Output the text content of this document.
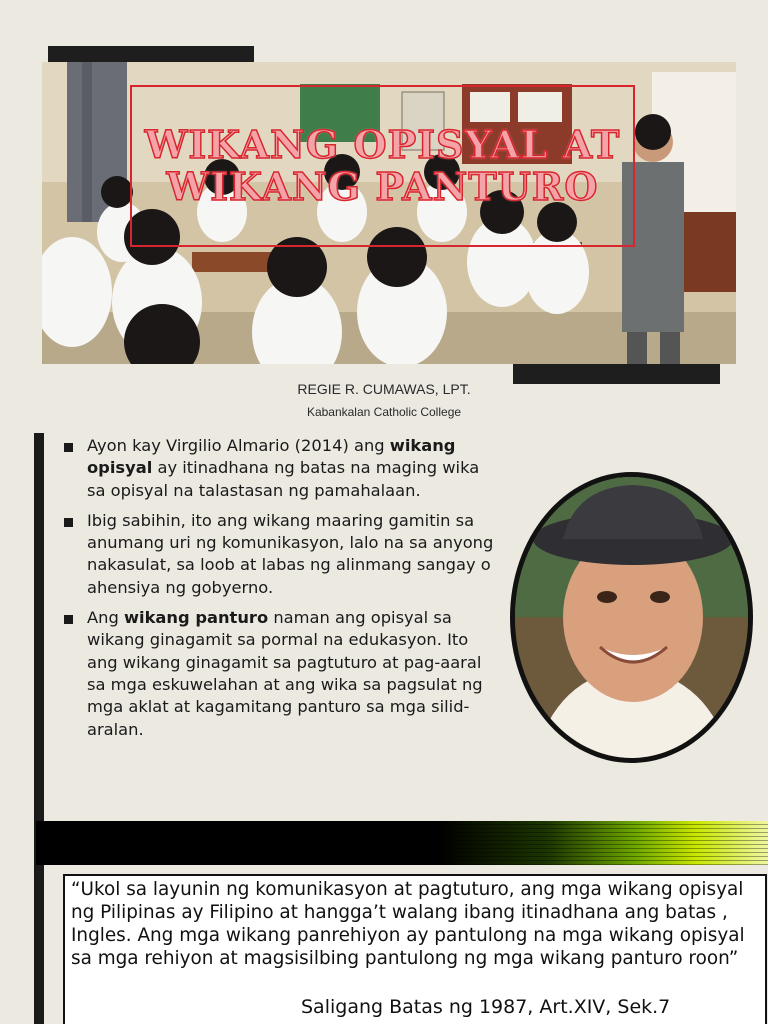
WIKANG OPISYAL AT WIKANG PANTURO
REGIE R. CUMAWAS, LPT.
Kabankalan Catholic College
Ayon kay Virgilio Almario (2014) ang wikang opisyal ay itinadhana ng batas na maging wika sa opisyal na talastasan ng pamahalaan.
Ibig sabihin, ito ang wikang maaring gamitin sa anumang uri ng komunikasyon, lalo na sa anyong nakasulat, sa loob at labas ng alinmang sangay o ahensiya ng gobyerno.
Ang wikang panturo naman ang opisyal sa wikang ginagamit sa pormal na edukasyon. Ito ang wikang ginagamit sa pagtuturo at pag-aaral sa mga eskuwelahan at ang wika sa pagsulat ng mga aklat at kagamitang panturo sa mga silid-aralan.
“Ukol sa layunin ng komunikasyon at pagtuturo, ang mga wikang opisyal ng Pilipinas ay Filipino at hangga’t walang ibang itinadhana ang batas , Ingles. Ang mga wikang panrehiyon ay pantulong na mga wikang opisyal sa mga rehiyon at magsisilbing pantulong ng mga wikang panturo roon”
Saligang Batas ng 1987, Art.XIV, Sek.7
